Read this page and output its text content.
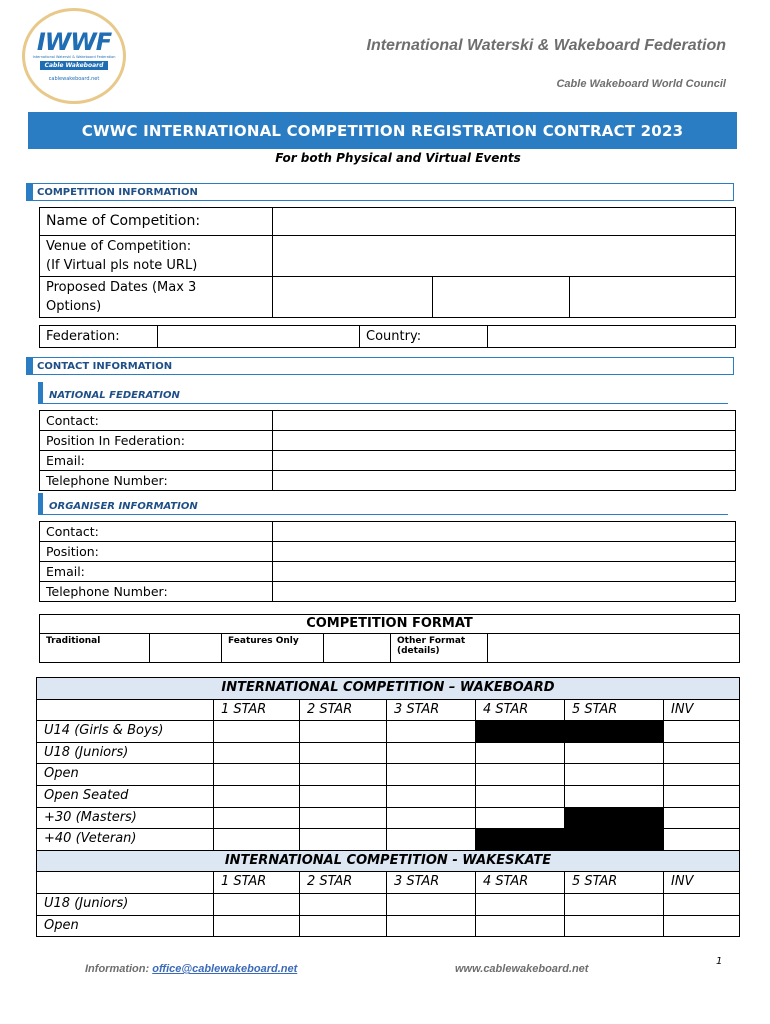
IWWF
International Waterski & Wakeboard Federation
Cable Wakeboard
cablewakeboard.net
International Waterski & Wakeboard Federation
Cable Wakeboard World Council
CWWC INTERNATIONAL COMPETITION REGISTRATION CONTRACT 2023
For both Physical and Virtual Events
COMPETITION INFORMATION
Name of Competition:			
Venue of Competition:
(If Virtual pls note URL)			
Proposed Dates (Max 3
Options)			
Federation:		Country:	
CONTACT INFORMATION
NATIONAL FEDERATION
Contact:	
Position In Federation:	
Email:	
Telephone Number:	
ORGANISER INFORMATION
Contact:	
Position:	
Email:	
Telephone Number:	
COMPETITION FORMAT
Traditional		Features Only		Other Format
(details)	
INTERNATIONAL COMPETITION – WAKEBOARD						
	1 STAR	2 STAR	3 STAR	4 STAR	5 STAR	INV
U14 (Girls & Boys)						
U18 (Juniors)						
Open						
Open Seated						
+30 (Masters)						
+40 (Veteran)						
INTERNATIONAL COMPETITION - WAKESKATE						
	1 STAR	2 STAR	3 STAR	4 STAR	5 STAR	INV
U18 (Juniors)						
Open						
Information: office@cablewakeboard.net	www.cablewakeboard.net
1
